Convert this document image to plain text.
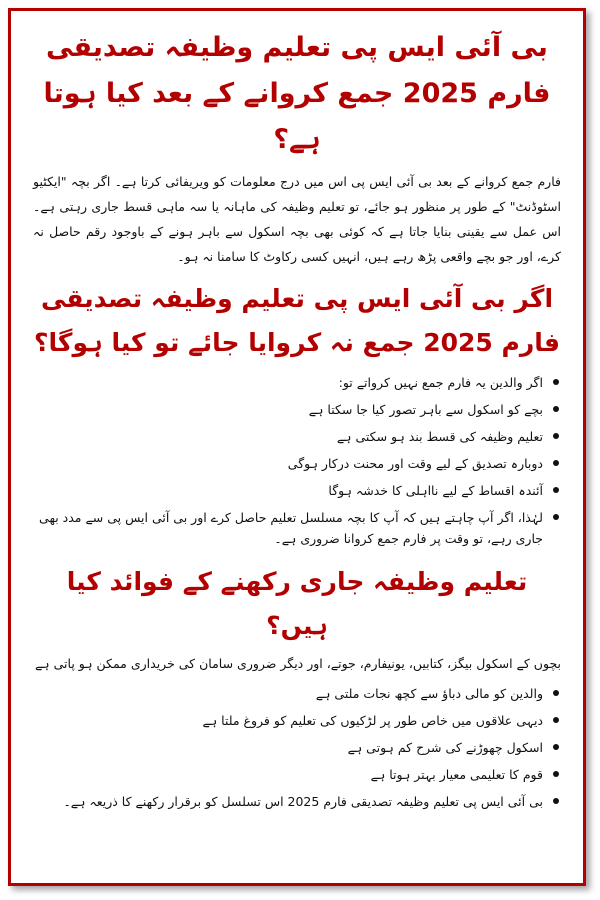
بی آئی ایس پی تعلیم وظیفہ تصدیقی فارم 2025 جمع کروانے کے بعد کیا ہوتا ہے؟

فارم جمع کروانے کے بعد بی آئی ایس پی اس میں درج معلومات کو ویریفائی کرتا ہے۔ اگر بچہ "ایکٹیو اسٹوڈنٹ" کے طور پر منظور ہو جائے، تو تعلیم وظیفہ کی ماہانہ یا سہ ماہی قسط جاری رہتی ہے۔ اس عمل سے یقینی بنایا جاتا ہے کہ کوئی بھی بچہ اسکول سے باہر ہونے کے باوجود رقم حاصل نہ کرے، اور جو بچے واقعی پڑھ رہے ہیں، انہیں کسی رکاوٹ کا سامنا نہ ہو۔

اگر بی آئی ایس پی تعلیم وظیفہ تصدیقی فارم 2025 جمع نہ کروایا جائے تو کیا ہوگا؟
اگر والدین یہ فارم جمع نہیں کرواتے تو:
بچے کو اسکول سے باہر تصور کیا جا سکتا ہے
تعلیم وظیفہ کی قسط بند ہو سکتی ہے
دوبارہ تصدیق کے لیے وقت اور محنت درکار ہوگی
آئندہ اقساط کے لیے نااہلی کا خدشہ ہوگا
لہٰذا، اگر آپ چاہتے ہیں کہ آپ کا بچہ مسلسل تعلیم حاصل کرے اور بی آئی ایس پی سے مدد بھی جاری رہے، تو وقت پر فارم جمع کروانا ضروری ہے۔
تعلیم وظیفہ جاری رکھنے کے فوائد کیا ہیں؟
بچوں کے اسکول بیگز، کتابیں، یونیفارم، جوتے، اور دیگر ضروری سامان کی خریداری ممکن ہو پاتی ہے
والدین کو مالی دباؤ سے کچھ نجات ملتی ہے
دیہی علاقوں میں خاص طور پر لڑکیوں کی تعلیم کو فروغ ملتا ہے
اسکول چھوڑنے کی شرح کم ہوتی ہے
قوم کا تعلیمی معیار بہتر ہوتا ہے
بی آئی ایس پی تعلیم وظیفہ تصدیقی فارم 2025 اس تسلسل کو برقرار رکھنے کا ذریعہ ہے۔
